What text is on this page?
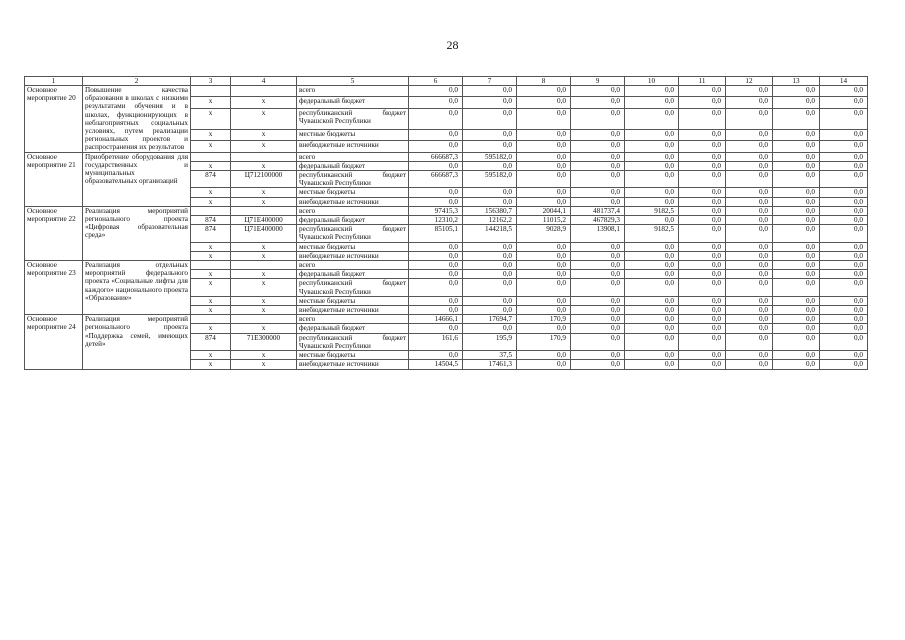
28
1	2	3	4	5	6	7	8	9	10	11	12	13	14
Основное мероприятие 20	Повышение качества образования в школах с низкими результатами обучения и в школах, функционирующих в неблагоприятных социальных условиях, путем реализации региональных проектов и распространения их результатов			всего	0,0	0,0	0,0	0,0	0,0	0,0	0,0	0,0	0,0
		х	х	федеральный бюджет	0,0	0,0	0,0	0,0	0,0	0,0	0,0	0,0	0,0
		х	х	республиканский бюджет Чувашской Республики	0,0	0,0	0,0	0,0	0,0	0,0	0,0	0,0	0,0
		х	х	местные бюджеты	0,0	0,0	0,0	0,0	0,0	0,0	0,0	0,0	0,0
		х	х	внебюджетные источники	0,0	0,0	0,0	0,0	0,0	0,0	0,0	0,0	0,0
Основное мероприятие 21	Приобретение оборудования для государственных и муниципальных образовательных организаций			всего	666687,3	595182,0	0,0	0,0	0,0	0,0	0,0	0,0	0,0
		х	х	федеральный бюджет	0,0	0,0	0,0	0,0	0,0	0,0	0,0	0,0	0,0
		874	Ц712100000	республиканский бюджет Чувашской Республики	666687,3	595182,0	0,0	0,0	0,0	0,0	0,0	0,0	0,0
		х	х	местные бюджеты	0,0	0,0	0,0	0,0	0,0	0,0	0,0	0,0	0,0
		х	х	внебюджетные источники	0,0	0,0	0,0	0,0	0,0	0,0	0,0	0,0	0,0
Основное мероприятие 22	Реализация мероприятий регионального проекта «Цифровая образовательная среда»			всего	97415,3	156380,7	20044,1	481737,4	9182,5	0,0	0,0	0,0	0,0
		874	Ц71Е400000	федеральный бюджет	12310,2	12162,2	11015,2	467829,3	0,0	0,0	0,0	0,0	0,0
		874	Ц71Е400000	республиканский бюджет Чувашской Республики	85105,1	144218,5	9028,9	13908,1	9182,5	0,0	0,0	0,0	0,0
		х	х	местные бюджеты	0,0	0,0	0,0	0,0	0,0	0,0	0,0	0,0	0,0
		х	х	внебюджетные источники	0,0	0,0	0,0	0,0	0,0	0,0	0,0	0,0	0,0
Основное мероприятие 23	Реализация отдельных мероприятий федерального проекта «Социальные лифты для каждого» национального проекта «Образование»			всего	0,0	0,0	0,0	0,0	0,0	0,0	0,0	0,0	0,0
		х	х	федеральный бюджет	0,0	0,0	0,0	0,0	0,0	0,0	0,0	0,0	0,0
		х	х	республиканский бюджет Чувашской Республики	0,0	0,0	0,0	0,0	0,0	0,0	0,0	0,0	0,0
		х	х	местные бюджеты	0,0	0,0	0,0	0,0	0,0	0,0	0,0	0,0	0,0
		х	х	внебюджетные источники	0,0	0,0	0,0	0,0	0,0	0,0	0,0	0,0	0,0
Основное мероприятие 24	Реализация мероприятий регионального проекта «Поддержка семей, имеющих детей»			всего	14666,1	17694,7	170,9	0,0	0,0	0,0	0,0	0,0	0,0
		х	х	федеральный бюджет	0,0	0,0	0,0	0,0	0,0	0,0	0,0	0,0	0,0
		874	71Е300000	республиканский бюджет Чувашской Республики	161,6	195,9	170,9	0,0	0,0	0,0	0,0	0,0	0,0
		х	х	местные бюджеты	0,0	37,5	0,0	0,0	0,0	0,0	0,0	0,0	0,0
		х	х	внебюджетные источники	14504,5	17461,3	0,0	0,0	0,0	0,0	0,0	0,0	0,0
